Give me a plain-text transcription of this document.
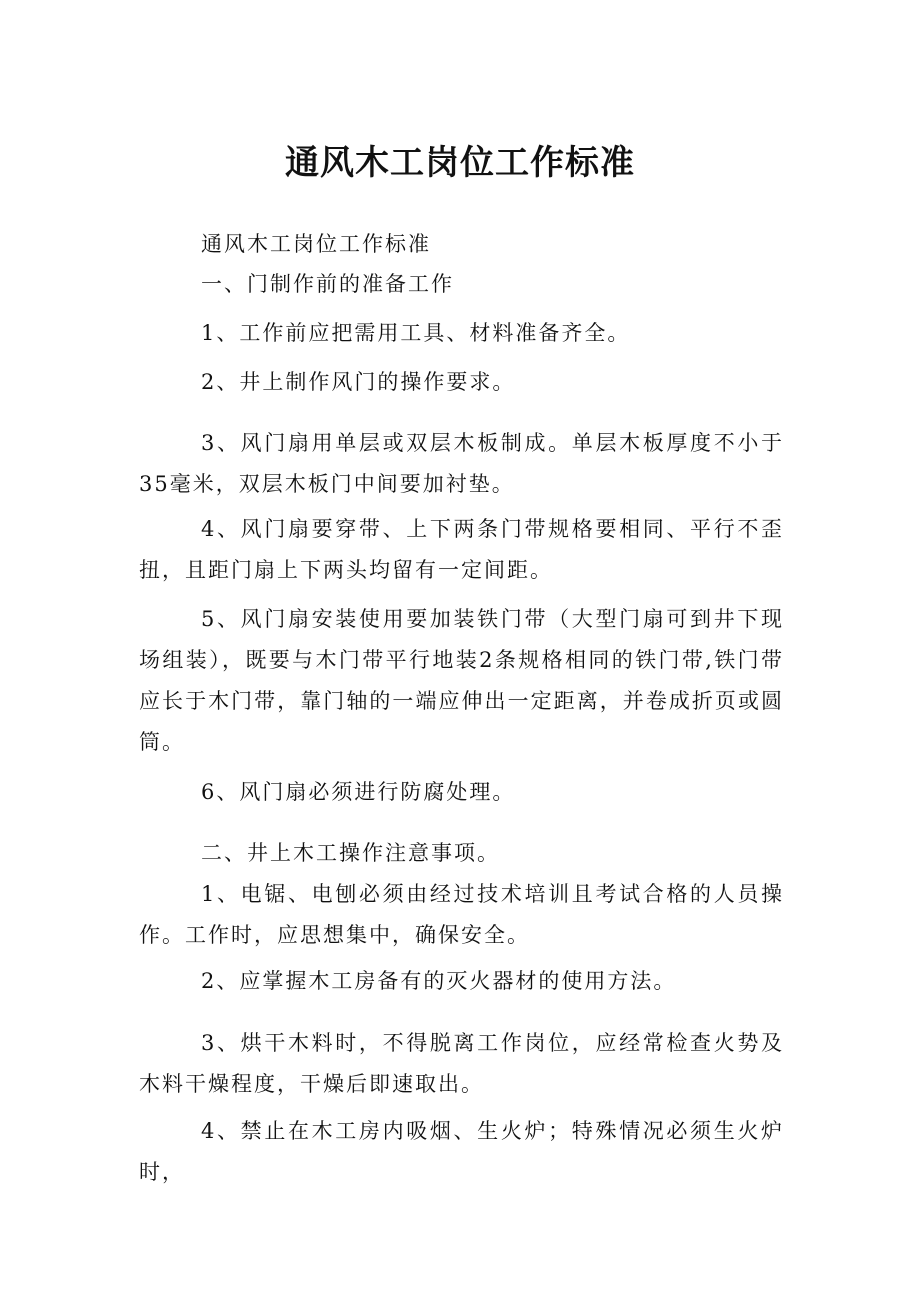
通风木工岗位工作标准

通风木工岗位工作标准

一、门制作前的准备工作

1、工作前应把需用工具、材料准备齐全。

2、井上制作风门的操作要求。

3、风门扇用单层或双层木板制成。单层木板厚度不小于35毫米，双层木板门中间要加衬垫。

4、风门扇要穿带、上下两条门带规格要相同、平行不歪扭，且距门扇上下两头均留有一定间距。

5、风门扇安装使用要加装铁门带（大型门扇可到井下现场组装），既要与木门带平行地装2条规格相同的铁门带,铁门带应长于木门带，靠门轴的一端应伸出一定距离，并卷成折页或圆筒。

6、风门扇必须进行防腐处理。

二、井上木工操作注意事项。

1、电锯、电刨必须由经过技术培训且考试合格的人员操作。工作时，应思想集中，确保安全。

2、应掌握木工房备有的灭火器材的使用方法。

3、烘干木料时，不得脱离工作岗位，应经常检查火势及木料干燥程度，干燥后即速取出。

4、禁止在木工房内吸烟、生火炉；特殊情况必须生火炉时，
